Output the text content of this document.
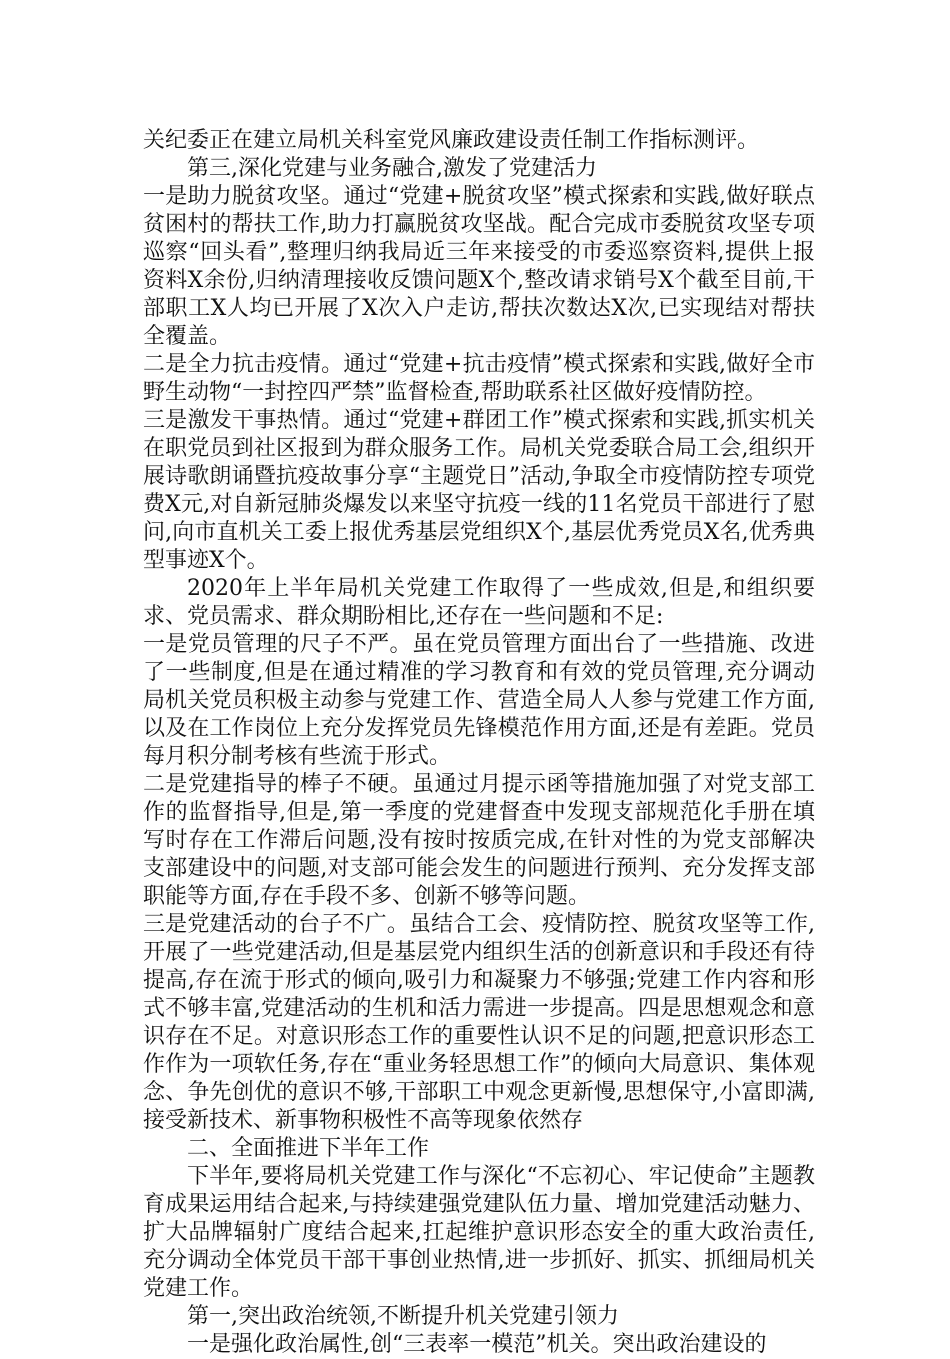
关纪委正在建立局机关科室党风廉政建设责任制工作指标测评。

第三,深化党建与业务融合,激发了党建活力

一是助力脱贫攻坚。通过“党建+脱贫攻坚”模式探索和实践,做好联点贫困村的帮扶工作,助力打赢脱贫攻坚战。配合完成市委脱贫攻坚专项巡察“回头看”,整理归纳我局近三年来接受的市委巡察资料,提供上报资料X余份,归纳清理接收反馈问题X个,整改请求销号X个截至目前,干部职工X人均已开展了X次入户走访,帮扶次数达X次,已实现结对帮扶全覆盖。

二是全力抗击疫情。通过“党建+抗击疫情”模式探索和实践,做好全市野生动物“一封控四严禁”监督检查,帮助联系社区做好疫情防控。

三是激发干事热情。通过“党建+群团工作”模式探索和实践,抓实机关在职党员到社区报到为群众服务工作。局机关党委联合局工会,组织开展诗歌朗诵暨抗疫故事分享“主题党日”活动,争取全市疫情防控专项党费X元,对自新冠肺炎爆发以来坚守抗疫一线的11名党员干部进行了慰问,向市直机关工委上报优秀基层党组织X个,基层优秀党员X名,优秀典型事迹X个。

2020年上半年局机关党建工作取得了一些成效,但是,和组织要求、党员需求、群众期盼相比,还存在一些问题和不足:

一是党员管理的尺子不严。虽在党员管理方面出台了一些措施、改进了一些制度,但是在通过精准的学习教育和有效的党员管理,充分调动局机关党员积极主动参与党建工作、营造全局人人参与党建工作方面,以及在工作岗位上充分发挥党员先锋模范作用方面,还是有差距。党员每月积分制考核有些流于形式。

二是党建指导的棒子不硬。虽通过月提示函等措施加强了对党支部工作的监督指导,但是,第一季度的党建督查中发现支部规范化手册在填写时存在工作滞后问题,没有按时按质完成,在针对性的为党支部解决支部建设中的问题,对支部可能会发生的问题进行预判、充分发挥支部职能等方面,存在手段不多、创新不够等问题。

三是党建活动的台子不广。虽结合工会、疫情防控、脱贫攻坚等工作,开展了一些党建活动,但是基层党内组织生活的创新意识和手段还有待提高,存在流于形式的倾向,吸引力和凝聚力不够强;党建工作内容和形式不够丰富,党建活动的生机和活力需进一步提高。四是思想观念和意识存在不足。对意识形态工作的重要性认识不足的问题,把意识形态工作作为一项软任务,存在“重业务轻思想工作”的倾向大局意识、集体观念、争先创优的意识不够,干部职工中观念更新慢,思想保守,小富即满,接受新技术、新事物积极性不高等现象依然存

二、全面推进下半年工作

下半年,要将局机关党建工作与深化“不忘初心、牢记使命”主题教育成果运用结合起来,与持续建强党建队伍力量、增加党建活动魅力、扩大品牌辐射广度结合起来,扛起维护意识形态安全的重大政治责任,充分调动全体党员干部干事创业热情,进一步抓好、抓实、抓细局机关党建工作。

第一,突出政治统领,不断提升机关党建引领力

一是强化政治属性,创“三表率一模范”机关。突出政治建设的
